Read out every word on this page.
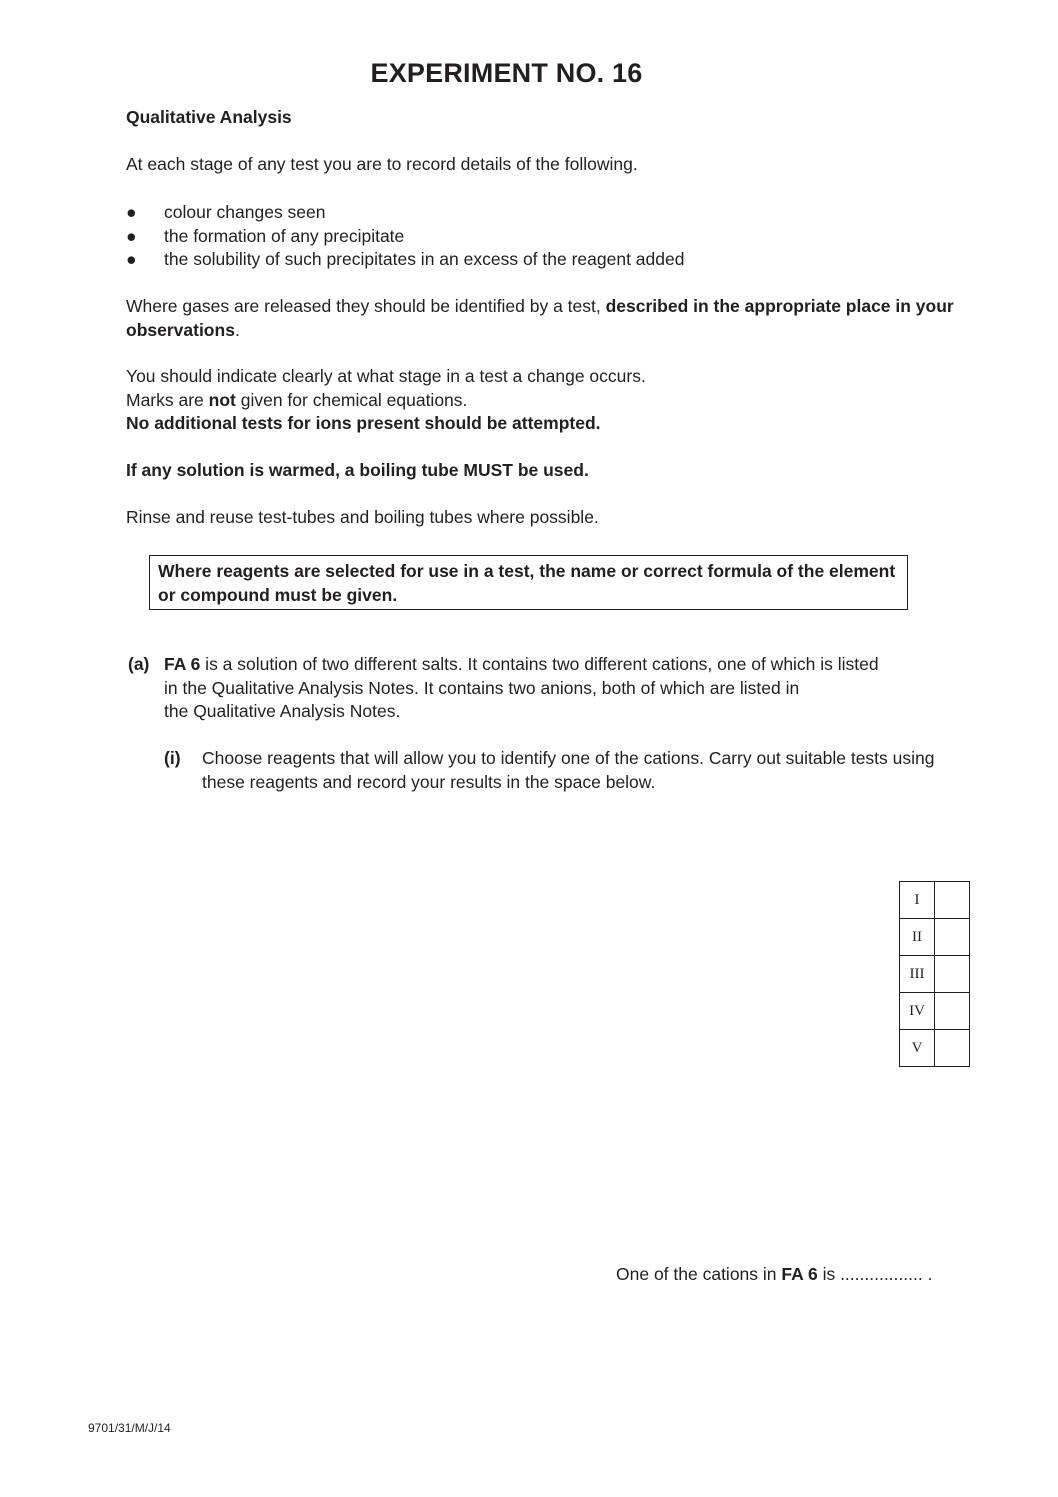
EXPERIMENT NO. 16
Qualitative Analysis
At each stage of any test you are to record details of the following.
● colour changes seen
● the formation of any precipitate
● the solubility of such precipitates in an excess of the reagent added
Where gases are released they should be identified by a test, described in the appropriate place in your observations.
You should indicate clearly at what stage in a test a change occurs.
Marks are not given for chemical equations.
No additional tests for ions present should be attempted.
If any solution is warmed, a boiling tube MUST be used.
Rinse and reuse test-tubes and boiling tubes where possible.
Where reagents are selected for use in a test, the name or correct formula of the element or compound must be given.
(a) FA 6 is a solution of two different salts. It contains two different cations, one of which is listed
in the Qualitative Analysis Notes. It contains two anions, both of which are listed in
the Qualitative Analysis Notes.
(i) Choose reagents that will allow you to identify one of the cations. Carry out suitable tests using these reagents and record your results in the space below.
I	
II	
III	
IV	
V	
One of the cations in FA 6 is ................. .
9701/31/M/J/14
